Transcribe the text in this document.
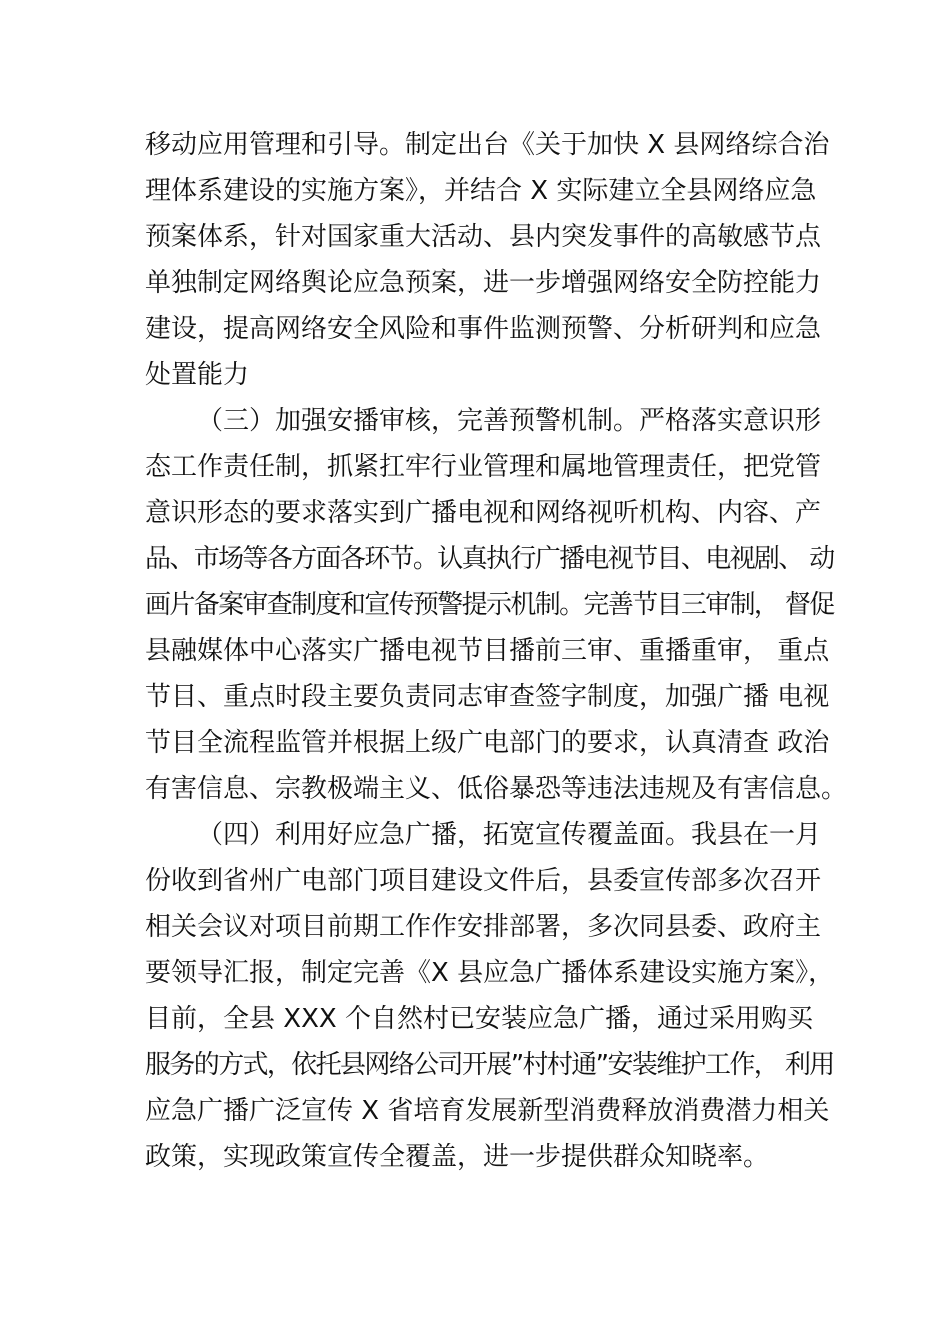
移动应用管理和引导。制定出台《关于加快 X 县网络综合治
理体系建设的实施方案》，并结合 X 实际建立全县网络应急
预案体系，针对国家重大活动、县内突发事件的高敏感节点
单独制定网络舆论应急预案，进一步增强网络安全防控能力
建设，提高网络安全风险和事件监测预警、分析研判和应急
处置能力
（三）加强安播审核，完善预警机制。严格落实意识形
态工作责任制，抓紧扛牢行业管理和属地管理责任，把党管
意识形态的要求落实到广播电视和网络视听机构、内容、产
品、市场等各方面各环节。认真执行广播电视节目、电视剧、 动
画片备案审查制度和宣传预警提示机制。完善节目三审制， 督促
县融媒体中心落实广播电视节目播前三审、重播重审， 重点
节目、重点时段主要负责同志审查签字制度，加强广播 电视
节目全流程监管并根据上级广电部门的要求，认真清查 政治
有害信息、宗教极端主义、低俗暴恐等违法违规及有害信息。
（四）利用好应急广播，拓宽宣传覆盖面。我县在一月
份收到省州广电部门项目建设文件后，县委宣传部多次召开
相关会议对项目前期工作作安排部署，多次同县委、政府主
要领导汇报，制定完善《X 县应急广播体系建设实施方案》，
目前，全县 XXX 个自然村已安装应急广播，通过采用购买
服务的方式，依托县网络公司开展”村村通”安装维护工作， 利用
应急广播广泛宣传 X 省培育发展新型消费释放消费潜力相关
政策，实现政策宣传全覆盖，进一步提供群众知晓率。
